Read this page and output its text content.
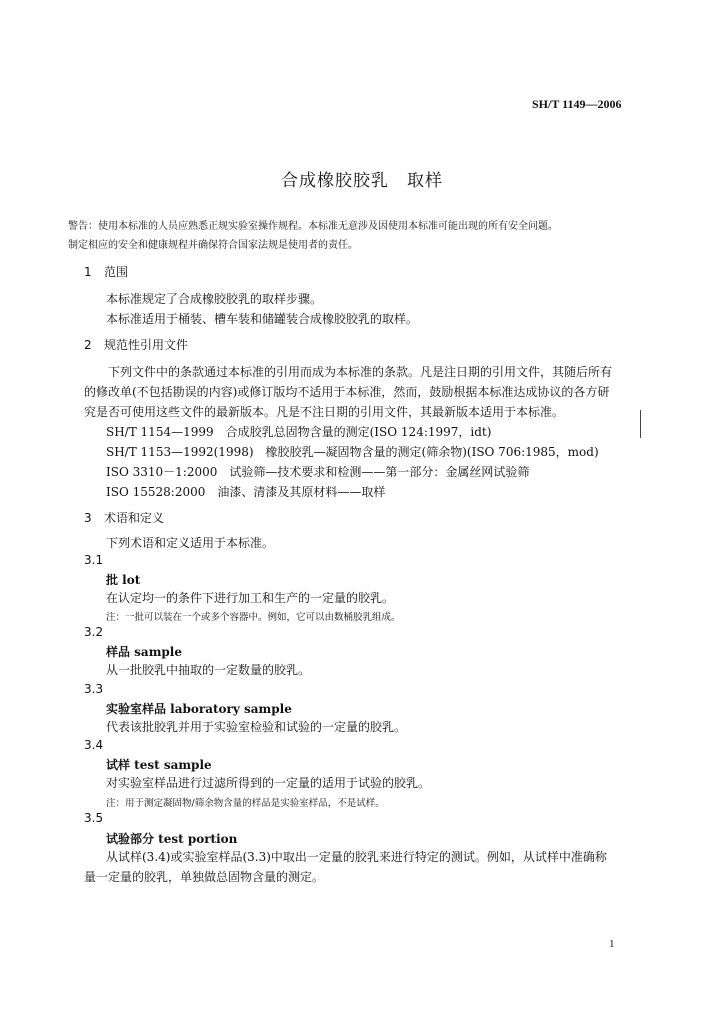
SH/T 1149—2006
合成橡胶胶乳　取样
警告：使用本标准的人员应熟悉正规实验室操作规程。本标准无意涉及因使用本标准可能出现的所有安全问题。
制定相应的安全和健康规程并确保符合国家法规是使用者的责任。
1 范围
本标准规定了合成橡胶胶乳的取样步骤。
本标准适用于桶装、槽车装和储罐装合成橡胶胶乳的取样。
2 规范性引用文件
　　下列文件中的条款通过本标准的引用而成为本标准的条款。凡是注日期的引用文件，其随后所有
的修改单(不包括勘误的内容)或修订版均不适用于本标准，然而，鼓励根据本标准达成协议的各方研
究是否可使用这些文件的最新版本。凡是不注日期的引用文件，其最新版本适用于本标准。
SH/T 1154—1999　合成胶乳总固物含量的测定(ISO 124:1997，idt)
SH/T 1153—1992(1998)　橡胶胶乳—凝固物含量的测定(筛余物)(ISO 706:1985，mod)
ISO 3310－1:2000　试验筛—技术要求和检测——第一部分：金属丝网试验筛
ISO 15528:2000　油漆、清漆及其原材料——取样
3 术语和定义
下列术语和定义适用于本标准。
3.1
批 lot
在认定均一的条件下进行加工和生产的一定量的胶乳。
注：一批可以装在一个或多个容器中。例如，它可以由数桶胶乳组成。
3.2
样品 sample
从一批胶乳中抽取的一定数量的胶乳。
3.3
实验室样品 laboratory sample
代表该批胶乳并用于实验室检验和试验的一定量的胶乳。
3.4
试样 test sample
对实验室样品进行过滤所得到的一定量的适用于试验的胶乳。
注：用于测定凝固物/筛余物含量的样品是实验室样品，不是试样。
3.5
试验部分 test portion
从试样(3.4)或实验室样品(3.3)中取出一定量的胶乳来进行特定的测试。例如，从试样中准确称
量一定量的胶乳，单独做总固物含量的测定。
1
